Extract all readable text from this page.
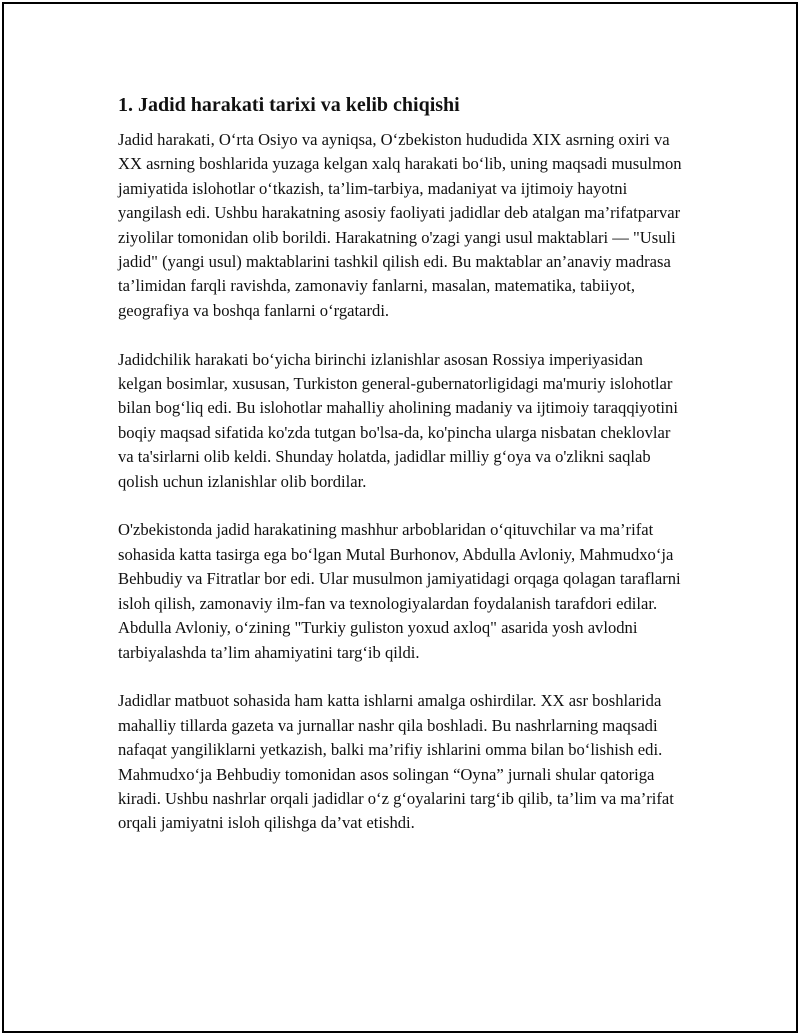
1. Jadid harakati tarixi va kelib chiqishi

Jadid harakati, O‘rta Osiyo va ayniqsa, O‘zbekiston hududida XIX asrning oxiri va XX asrning boshlarida yuzaga kelgan xalq harakati bo‘lib, uning maqsadi musulmon jamiyatida islohotlar o‘tkazish, ta’lim-tarbiya, madaniyat va ijtimoiy hayotni yangilash edi. Ushbu harakatning asosiy faoliyati jadidlar deb atalgan ma’rifatparvar ziyolilar tomonidan olib borildi. Harakatning o'zagi yangi usul maktablari — "Usuli jadid" (yangi usul) maktablarini tashkil qilish edi. Bu maktablar an’anaviy madrasa ta’limidan farqli ravishda, zamonaviy fanlarni, masalan, matematika, tabiiyot, geografiya va boshqa fanlarni o‘rgatardi.

Jadidchilik harakati bo‘yicha birinchi izlanishlar asosan Rossiya imperiyasidan kelgan bosimlar, xususan, Turkiston general-gubernatorligidagi ma'muriy islohotlar bilan bog‘liq edi. Bu islohotlar mahalliy aholining madaniy va ijtimoiy taraqqiyotini boqiy maqsad sifatida ko'zda tutgan bo'lsa-da, ko'pincha ularga nisbatan cheklovlar va ta'sirlarni olib keldi. Shunday holatda, jadidlar milliy g‘oya va o'zlikni saqlab qolish uchun izlanishlar olib bordilar.

O'zbekistonda jadid harakatining mashhur arboblaridan o‘qituvchilar va ma’rifat sohasida katta tasirga ega bo‘lgan Mutal Burhonov, Abdulla Avloniy, Mahmudxo‘ja Behbudiy va Fitratlar bor edi. Ular musulmon jamiyatidagi orqaga qolagan taraflarni isloh qilish, zamonaviy ilm-fan va texnologiyalardan foydalanish tarafdori edilar. Abdulla Avloniy, o‘zining "Turkiy guliston yoxud axloq" asarida yosh avlodni tarbiyalashda ta’lim ahamiyatini targ‘ib qildi.

Jadidlar matbuot sohasida ham katta ishlarni amalga oshirdilar. XX asr boshlarida mahalliy tillarda gazeta va jurnallar nashr qila boshladi. Bu nashrlarning maqsadi nafaqat yangiliklarni yetkazish, balki ma’rifiy ishlarini omma bilan bo‘lishish edi. Mahmudxo‘ja Behbudiy tomonidan asos solingan “Oyna” jurnali shular qatoriga kiradi. Ushbu nashrlar orqali jadidlar o‘z g‘oyalarini targ‘ib qilib, ta’lim va ma’rifat orqali jamiyatni isloh qilishga da’vat etishdi.
